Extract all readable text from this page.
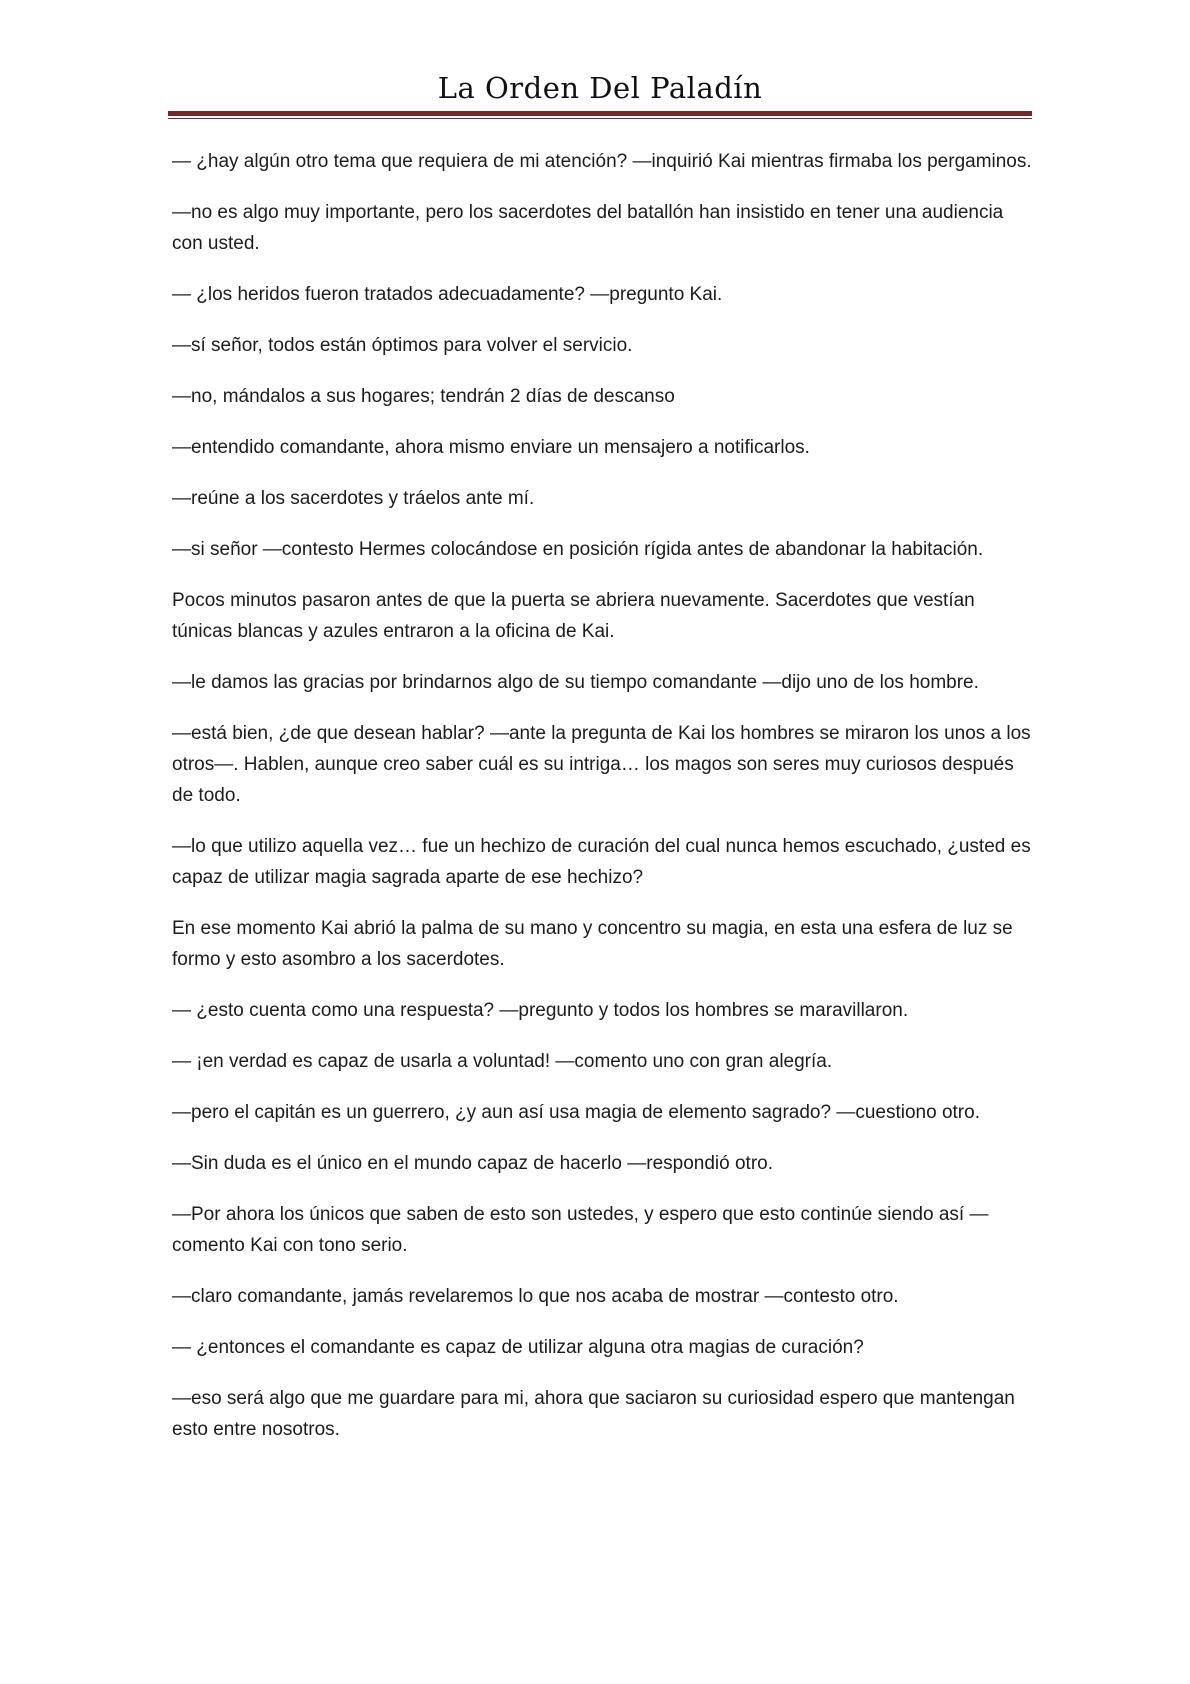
La Orden Del Paladín

— ¿hay algún otro tema que requiera de mi atención? —inquirió Kai mientras firmaba los pergaminos.

—no es algo muy importante, pero los sacerdotes del batallón han insistido en tener una audiencia con usted.

— ¿los heridos fueron tratados adecuadamente? —pregunto Kai.

—sí señor, todos están óptimos para volver el servicio.

—no, mándalos a sus hogares; tendrán 2 días de descanso

—entendido comandante, ahora mismo enviare un mensajero a notificarlos.

—reúne a los sacerdotes y tráelos ante mí.

—si señor —contesto Hermes colocándose en posición rígida antes de abandonar la habitación.

Pocos minutos pasaron antes de que la puerta se abriera nuevamente. Sacerdotes que vestían túnicas blancas y azules entraron a la oficina de Kai.

—le damos las gracias por brindarnos algo de su tiempo comandante —dijo uno de los hombre.

—está bien, ¿de que desean hablar? —ante la pregunta de Kai los hombres se miraron los unos a los otros—. Hablen, aunque creo saber cuál es su intriga… los magos son seres muy curiosos después de todo.

—lo que utilizo aquella vez… fue un hechizo de curación del cual nunca hemos escuchado, ¿usted es capaz de utilizar magia sagrada aparte de ese hechizo?

En ese momento Kai abrió la palma de su mano y concentro su magia, en esta una esfera de luz se formo y esto asombro a los sacerdotes.

— ¿esto cuenta como una respuesta? —pregunto y todos los hombres se maravillaron.

— ¡en verdad es capaz de usarla a voluntad! —comento uno con gran alegría.

—pero el capitán es un guerrero, ¿y aun así usa magia de elemento sagrado? —cuestiono otro.

—Sin duda es el único en el mundo capaz de hacerlo —respondió otro.

—Por ahora los únicos que saben de esto son ustedes, y espero que esto continúe siendo así —comento Kai con tono serio.

—claro comandante, jamás revelaremos lo que nos acaba de mostrar —contesto otro.

— ¿entonces el comandante es capaz de utilizar alguna otra magias de curación?

—eso será algo que me guardare para mi, ahora que saciaron su curiosidad espero que mantengan esto entre nosotros.
